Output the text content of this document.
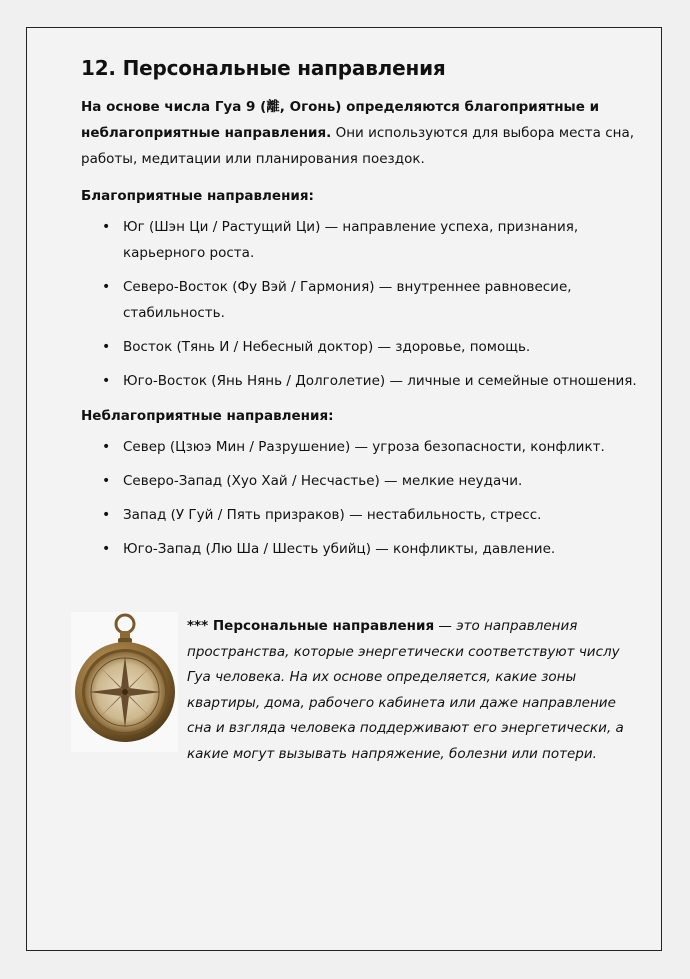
12. Персональные направления

На основе числа Гуа 9 (離, Огонь) определяются благоприятные и неблагоприятные направления. Они используются для выбора места сна, работы, медитации или планирования поездок.

Благоприятные направления:

• Юг (Шэн Ци / Растущий Ци) — направление успеха, признания, карьерного роста.
• Северо-Восток (Фу Вэй / Гармония) — внутреннее равновесие, стабильность.
• Восток (Тянь И / Небесный доктор) — здоровье, помощь.
• Юго-Восток (Янь Нянь / Долголетие) — личные и семейные отношения.

Неблагоприятные направления:

• Север (Цзюэ Мин / Разрушение) — угроза безопасности, конфликт.
• Северо-Запад (Хуо Хай / Несчастье) — мелкие неудачи.
• Запад (У Гуй / Пять призраков) — нестабильность, стресс.
• Юго-Запад (Лю Ша / Шесть убийц) — конфликты, давление.
*** Персональные направления — это направления пространства, которые энергетически соответствуют числу Гуа человека. На их основе определяется, какие зоны квартиры, дома, рабочего кабинета или даже направление сна и взгляда человека поддерживают его энергетически, а какие могут вызывать напряжение, болезни или потери.
